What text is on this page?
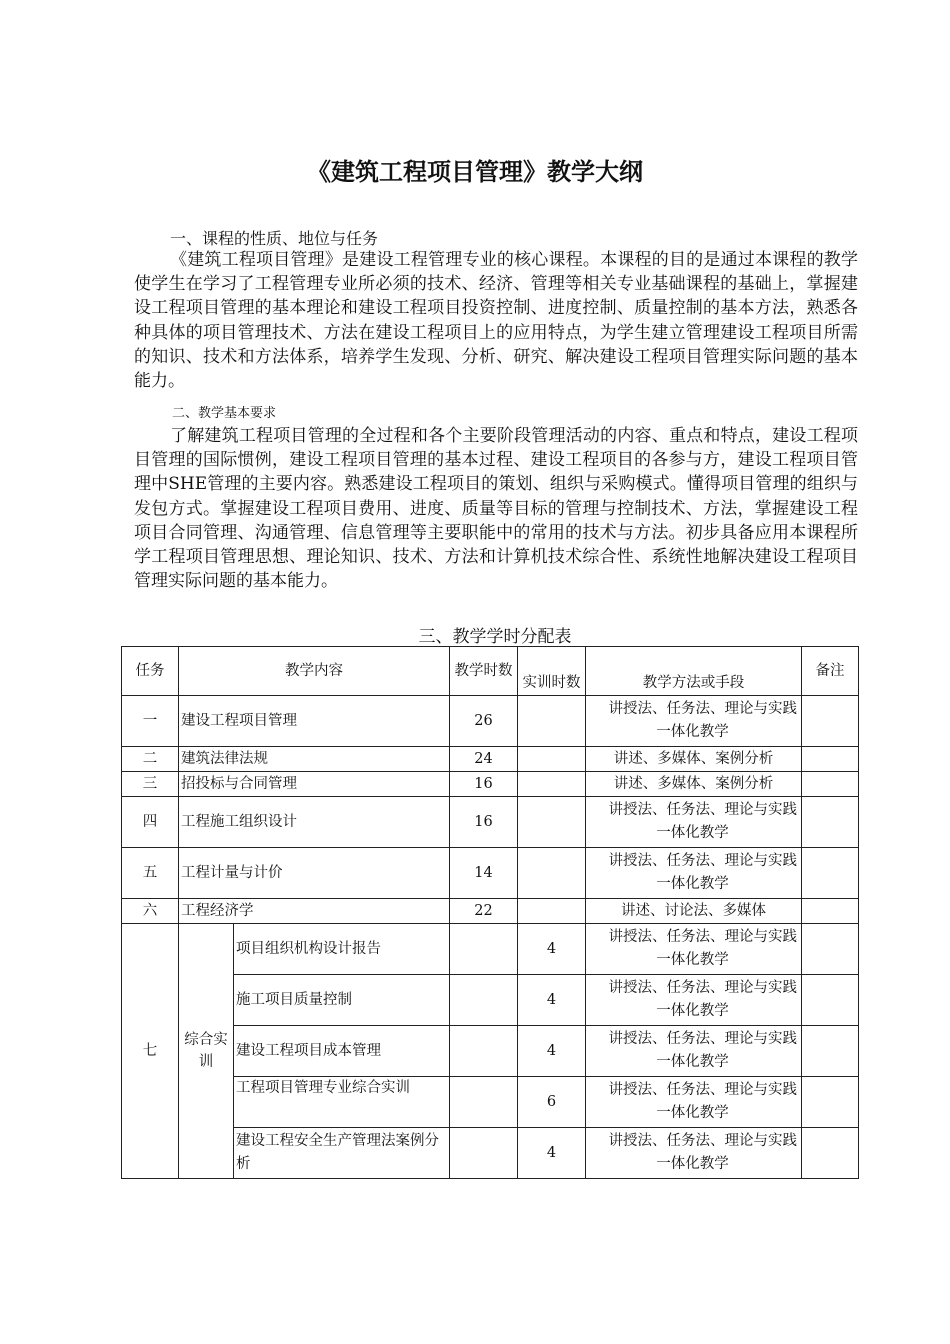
《建筑工程项目管理》教学大纲
一、课程的性质、地位与任务
《建筑工程项目管理》是建设工程管理专业的核心课程。本课程的目的是通过本课程的教学使学生在学习了工程管理专业所必须的技术、经济、管理等相关专业基础课程的基础上，掌握建设工程项目管理的基本理论和建设工程项目投资控制、进度控制、质量控制的基本方法，熟悉各种具体的项目管理技术、方法在建设工程项目上的应用特点，为学生建立管理建设工程项目所需的知识、技术和方法体系，培养学生发现、分析、研究、解决建设工程项目管理实际问题的基本能力。
二、教学基本要求
了解建筑工程项目管理的全过程和各个主要阶段管理活动的内容、重点和特点，建设工程项目管理的国际惯例，建设工程项目管理的基本过程、建设工程项目的各参与方，建设工程项目管理中SHE管理的主要内容。熟悉建设工程项目的策划、组织与采购模式。懂得项目管理的组织与发包方式。掌握建设工程项目费用、进度、质量等目标的管理与控制技术、方法，掌握建设工程项目合同管理、沟通管理、信息管理等主要职能中的常用的技术与方法。初步具备应用本课程所学工程项目管理思想、理论知识、技术、方法和计算机技术综合性、系统性地解决建设工程项目管理实际问题的基本能力。
三、教学学时分配表
任务	教学内容		教学时数	实训时数	教学方法或手段	备注
一	建设工程项目管理		26		讲授法、任务法、理论与实践
一体化教学	

二	建筑法律法规		24		讲述、多媒体、案例分析	
三	招投标与合同管理		16		讲述、多媒体、案例分析	
四	工程施工组织设计		16		讲授法、任务法、理论与实践
一体化教学	

五	工程计量与计价		14		讲授法、任务法、理论与实践
一体化教学	

六	工程经济学		22		讲述、讨论法、多媒体	
七	综合实训	项目组织机构设计报告		4	讲授法、任务法、理论与实践
一体化教学	

		施工项目质量控制		4	讲授法、任务法、理论与实践
一体化教学	

		建设工程项目成本管理		4	讲授法、任务法、理论与实践
一体化教学	

		工程项目管理专业综合实训		6	讲授法、任务法、理论与实践
一体化教学	

		建设工程安全生产管理法案例分析		4	讲授法、任务法、理论与实践
一体化教学	
